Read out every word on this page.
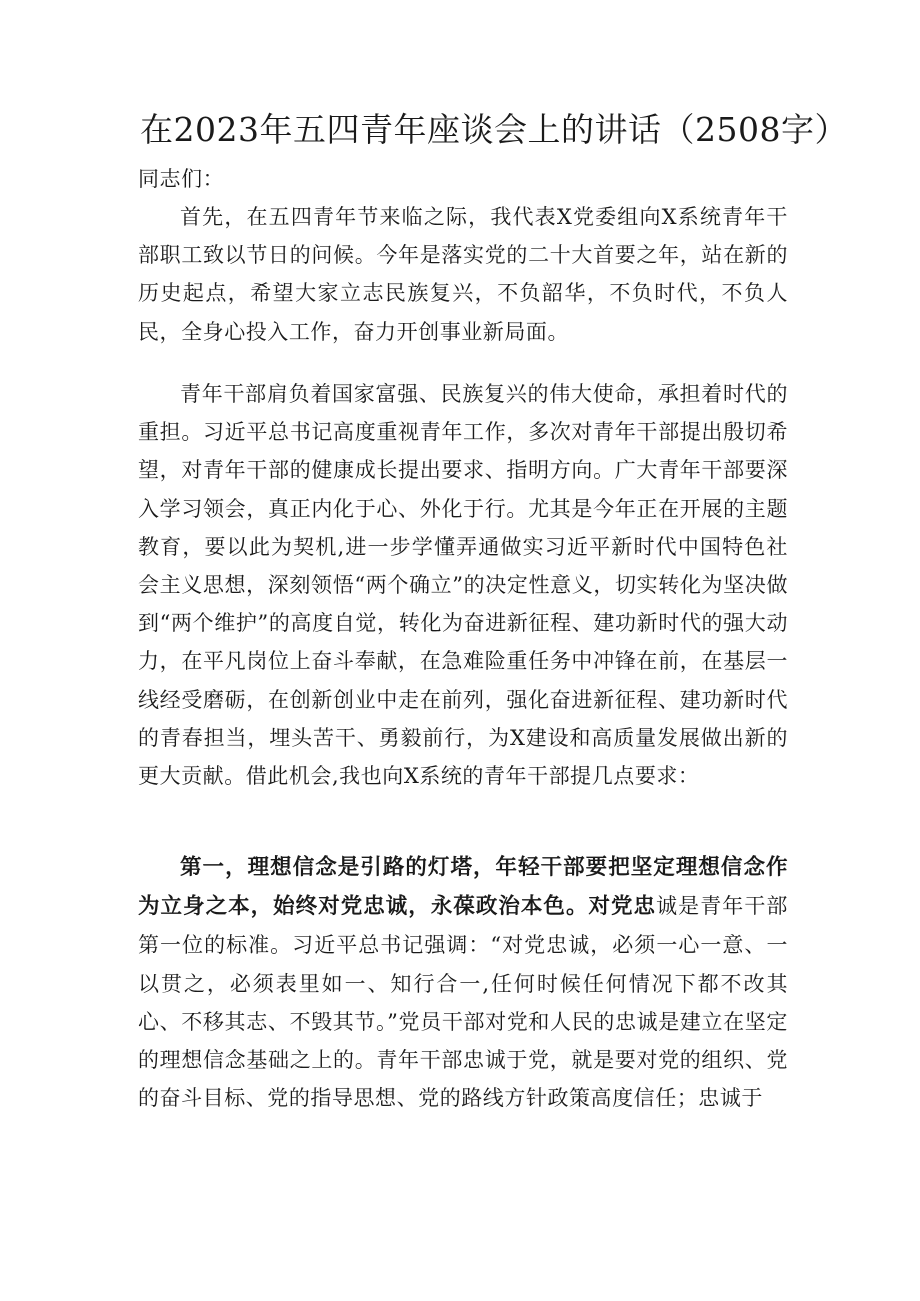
在2023年五四青年座谈会上的讲话（2508字）

同志们：

首先，在五四青年节来临之际，我代表X党委组向X系统青年干部职工致以节日的问候。今年是落实党的二十大首要之年，站在新的历史起点，希望大家立志民族复兴，不负韶华，不负时代，不负人民，全身心投入工作，奋力开创事业新局面。

青年干部肩负着国家富强、民族复兴的伟大使命，承担着时代的重担。习近平总书记高度重视青年工作，多次对青年干部提出殷切希望，对青年干部的健康成长提出要求、指明方向。广大青年干部要深入学习领会，真正内化于心、外化于行。尤其是今年正在开展的主题教育，要以此为契机,进一步学懂弄通做实习近平新时代中国特色社会主义思想，深刻领悟“两个确立”的决定性意义，切实转化为坚决做到“两个维护”的高度自觉，转化为奋进新征程、建功新时代的强大动力，在平凡岗位上奋斗奉献，在急难险重任务中冲锋在前，在基层一线经受磨砺，在创新创业中走在前列，强化奋进新征程、建功新时代的青春担当，埋头苦干、勇毅前行，为X建设和高质量发展做出新的更大贡献。借此机会,我也向X系统的青年干部提几点要求：

第一，理想信念是引路的灯塔，年轻干部要把坚定理想信念作为立身之本，始终对党忠诚，永葆政治本色。对党忠诚是青年干部第一位的标准。习近平总书记强调：“对党忠诚，必须一心一意、一以贯之，必须表里如一、知行合一,任何时候任何情况下都不改其心、不移其志、不毁其节。”党员干部对党和人民的忠诚是建立在坚定的理想信念基础之上的。青年干部忠诚于党，就是要对党的组织、党的奋斗目标、党的指导思想、党的路线方针政策高度信任；忠诚于
